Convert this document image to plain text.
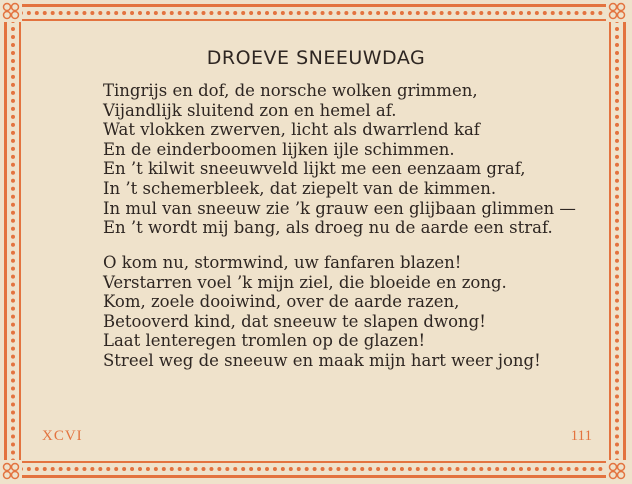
DROEVE SNEEUWDAG
Tingrijs en dof, de norsche wolken grimmen,
Vijandlijk sluitend zon en hemel af.
Wat vlokken zwerven, licht als dwarrlend kaf
En de einderboomen lijken ijle schimmen.
En ’t kilwit sneeuwveld lijkt me een eenzaam graf,
In ’t schemerbleek, dat ziepelt van de kimmen.
In mul van sneeuw zie ’k grauw een glijbaan glimmen —
En ’t wordt mij bang, als droeg nu de aarde een straf.
O kom nu, stormwind, uw fanfaren blazen!
Verstarren voel ’k mijn ziel, die bloeide en zong.
Kom, zoele dooiwind, over de aarde razen,
Betooverd kind, dat sneeuw te slapen dwong!
Laat lenteregen tromlen op de glazen!
Streel weg de sneeuw en maak mijn hart weer jong!
XCVI	111
